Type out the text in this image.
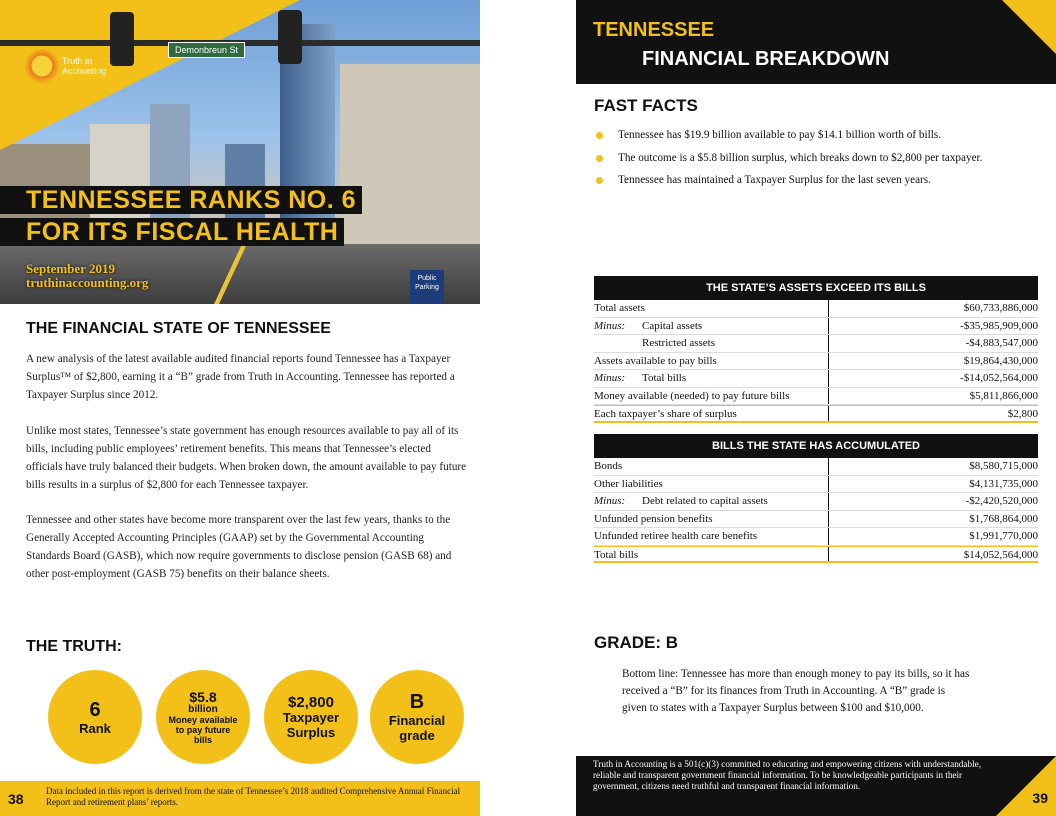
Demonbreun St
Public Parking
Truth in Accounting
TENNESSEE RANKS NO. 6
FOR ITS FISCAL HEALTH
September 2019
truthinaccounting.org
THE FINANCIAL STATE OF TENNESSEE

A new analysis of the latest available audited financial reports found Tennessee has a Taxpayer Surplus™ of $2,800, earning it a “B” grade from Truth in Accounting. Tennessee has reported a Taxpayer Surplus since 2012.

Unlike most states, Tennessee’s state government has enough resources available to pay all of its bills, including public employees’ retirement benefits. This means that Tennessee’s elected officials have truly balanced their budgets. When broken down, the amount available to pay future bills results in a surplus of $2,800 for each Tennessee taxpayer.

Tennessee and other states have become more transparent over the last few years, thanks to the Generally Accepted Accounting Principles (GAAP) set by the Governmental Accounting Standards Board (GASB), which now require governments to disclose pension (GASB 68) and other post-employment (GASB 75) benefits on their balance sheets.

THE TRUTH:
6
Rank
$5.8
billion
Money available to pay future bills
$2,800
Taxpayer Surplus
B
Financial grade
38 Data included in this report is derived from the state of Tennessee’s 2018 audited Comprehensive Annual Financial Report and retirement plans’ reports.
TENNESSEE
FINANCIAL BREAKDOWN
FAST FACTS
Tennessee has $19.9 billion available to pay $14.1 billion worth of bills.
The outcome is a $5.8 billion surplus, which breaks down to $2,800 per taxpayer.
Tennessee has maintained a Taxpayer Surplus for the last seven years.
THE STATE’S ASSETS EXCEED ITS BILLS
Total assets	$60,733,886,000
Minus: Capital assets	-$35,985,909,000
Restricted assets	-$4,883,547,000
Assets available to pay bills	$19,864,430,000
Minus: Total bills	-$14,052,564,000
Money available (needed) to pay future bills	$5,811,866,000
Each taxpayer’s share of surplus	$2,800
BILLS THE STATE HAS ACCUMULATED
Bonds	$8,580,715,000
Other liabilities	$4,131,735,000
Minus: Debt related to capital assets	-$2,420,520,000
Unfunded pension benefits	$1,768,864,000
Unfunded retiree health care benefits	$1,991,770,000
Total bills	$14,052,564,000
GRADE: B

Bottom line: Tennessee has more than enough money to pay its bills, so it has received a “B” for its finances from Truth in Accounting. A “B” grade is given to states with a Taxpayer Surplus between $100 and $10,000.

Truth in Accounting is a 501(c)(3) committed to educating and empowering citizens with understandable, reliable and transparent government financial information. To be knowledgeable participants in their government, citizens need truthful and transparent financial information.
39
